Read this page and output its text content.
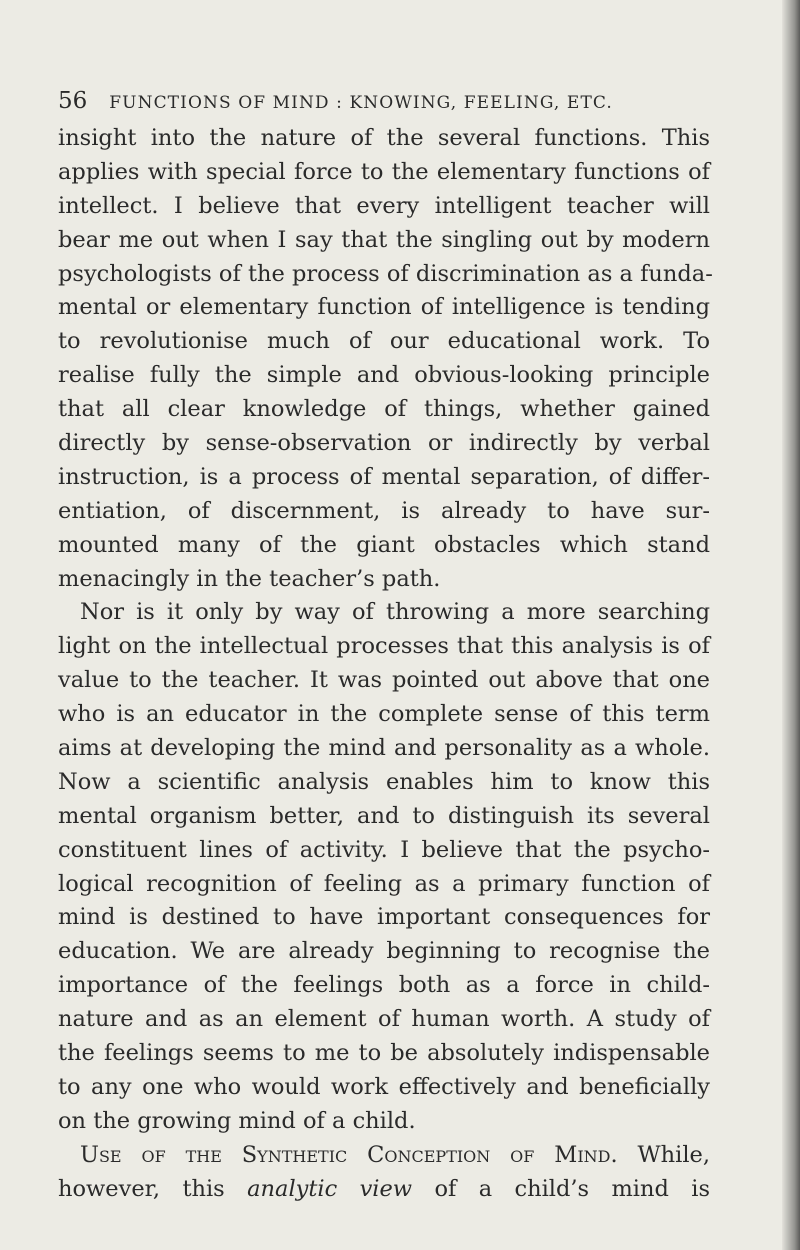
56 FUNCTIONS OF MIND : KNOWING, FEELING, ETC.
insight into the nature of the several functions. This
applies with special force to the elementary functions of
intellect. I believe that every intelligent teacher will
bear me out when I say that the singling out by modern
psychologists of the process of discrimination as a funda-
mental or elementary function of intelligence is tending
to revolutionise much of our educational work. To
realise fully the simple and obvious-looking principle
that all clear knowledge of things, whether gained
directly by sense-observation or indirectly by verbal
instruction, is a process of mental separation, of differ-
entiation, of discernment, is already to have sur-
mounted many of the giant obstacles which stand
menacingly in the teacher’s path.
Nor is it only by way of throwing a more searching
light on the intellectual processes that this analysis is of
value to the teacher. It was pointed out above that one
who is an educator in the complete sense of this term
aims at developing the mind and personality as a whole.
Now a scientific analysis enables him to know this
mental organism better, and to distinguish its several
constituent lines of activity. I believe that the psycho-
logical recognition of feeling as a primary function of
mind is destined to have important consequences for
education. We are already beginning to recognise the
importance of the feelings both as a force in child-
nature and as an element of human worth. A study of
the feelings seems to me to be absolutely indispensable
to any one who would work effectively and beneficially
on the growing mind of a child.
Use of the Synthetic Conception of Mind. While,
however, this analytic view of a child’s mind is
